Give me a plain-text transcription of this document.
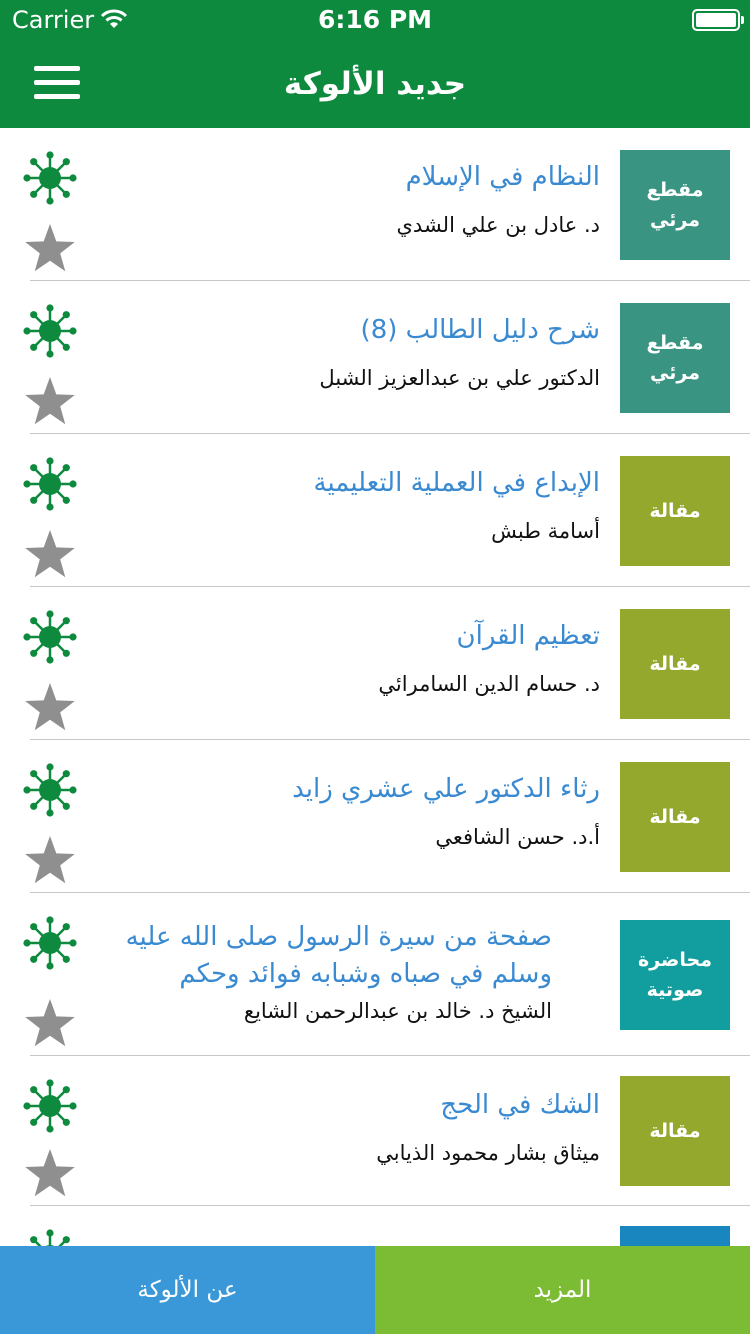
Carrier	6:16 PM
جديد الألوكة
مقطع مرئي
النظام في الإسلام
د. عادل بن علي الشدي
مقطع مرئي
شرح دليل الطالب (8)
الدكتور علي بن عبدالعزيز الشبل
مقالة
الإبداع في العملية التعليمية
أسامة طبش
مقالة
تعظيم القرآن
د. حسام الدين السامرائي
مقالة
رثاء الدكتور علي عشري زايد
أ.د. حسن الشافعي
محاضرة صوتية
صفحة من سيرة الرسول صلى الله عليه وسلم في صباه وشبابه فوائد وحكم
الشيخ د. خالد بن عبدالرحمن الشايع
مقالة
الشك في الحج
ميثاق بشار محمود الذيابي
عن الألوكة	المزيد
